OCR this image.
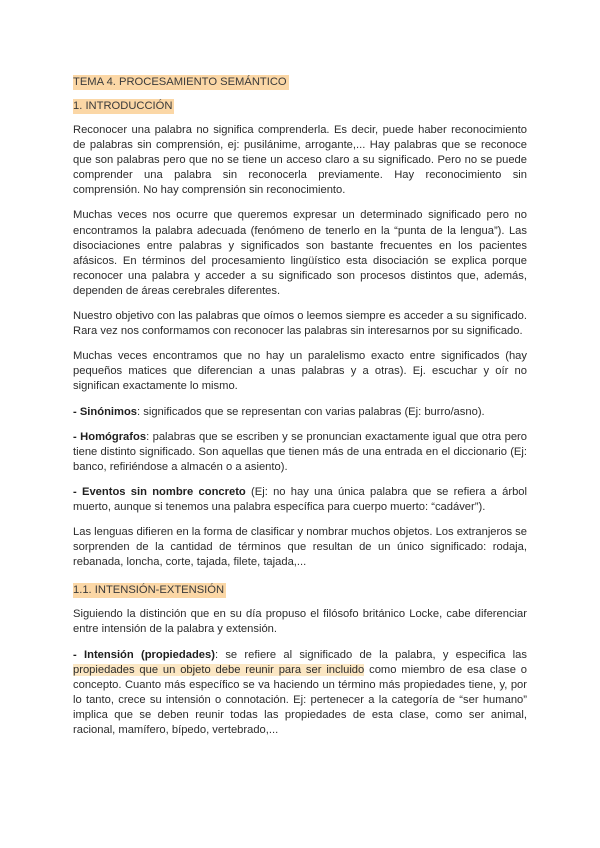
TEMA 4. PROCESAMIENTO SEMÁNTICO
1. INTRODUCCIÓN

Reconocer una palabra no significa comprenderla. Es decir, puede haber reconocimiento de palabras sin comprensión, ej: pusilánime, arrogante,... Hay palabras que se reconoce que son palabras pero que no se tiene un acceso claro a su significado. Pero no se puede comprender una palabra sin reconocerla previamente. Hay reconocimiento sin comprensión. No hay comprensión sin reconocimiento.

Muchas veces nos ocurre que queremos expresar un determinado significado pero no encontramos la palabra adecuada (fenómeno de tenerlo en la “punta de la lengua”). Las disociaciones entre palabras y significados son bastante frecuentes en los pacientes afásicos. En términos del procesamiento lingüístico esta disociación se explica porque reconocer una palabra y acceder a su significado son procesos distintos que, además, dependen de áreas cerebrales diferentes.

Nuestro objetivo con las palabras que oímos o leemos siempre es acceder a su significado. Rara vez nos conformamos con reconocer las palabras sin interesarnos por su significado.

Muchas veces encontramos que no hay un paralelismo exacto entre significados (hay pequeños matices que diferencian a unas palabras y a otras). Ej. escuchar y oír no significan exactamente lo mismo.

- Sinónimos: significados que se representan con varias palabras (Ej: burro/asno).

- Homógrafos: palabras que se escriben y se pronuncian exactamente igual que otra pero tiene distinto significado. Son aquellas que tienen más de una entrada en el diccionario (Ej: banco, refiriéndose a almacén o a asiento).

- Eventos sin nombre concreto (Ej: no hay una única palabra que se refiera a árbol muerto, aunque si tenemos una palabra específica para cuerpo muerto: “cadáver”).

Las lenguas difieren en la forma de clasificar y nombrar muchos objetos. Los extranjeros se sorprenden de la cantidad de términos que resultan de un único significado: rodaja, rebanada, loncha, corte, tajada, filete, tajada,...

1.1. INTENSIÓN-EXTENSIÓN

Siguiendo la distinción que en su día propuso el filósofo británico Locke, cabe diferenciar entre intensión de la palabra y extensión.

- Intensión (propiedades): se refiere al significado de la palabra, y especifica las propiedades que un objeto debe reunir para ser incluido como miembro de esa clase o concepto. Cuanto más específico se va haciendo un término más propiedades tiene, y, por lo tanto, crece su intensión o connotación. Ej: pertenecer a la categoría de “ser humano” implica que se deben reunir todas las propiedades de esta clase, como ser animal, racional, mamífero, bípedo, vertebrado,...
